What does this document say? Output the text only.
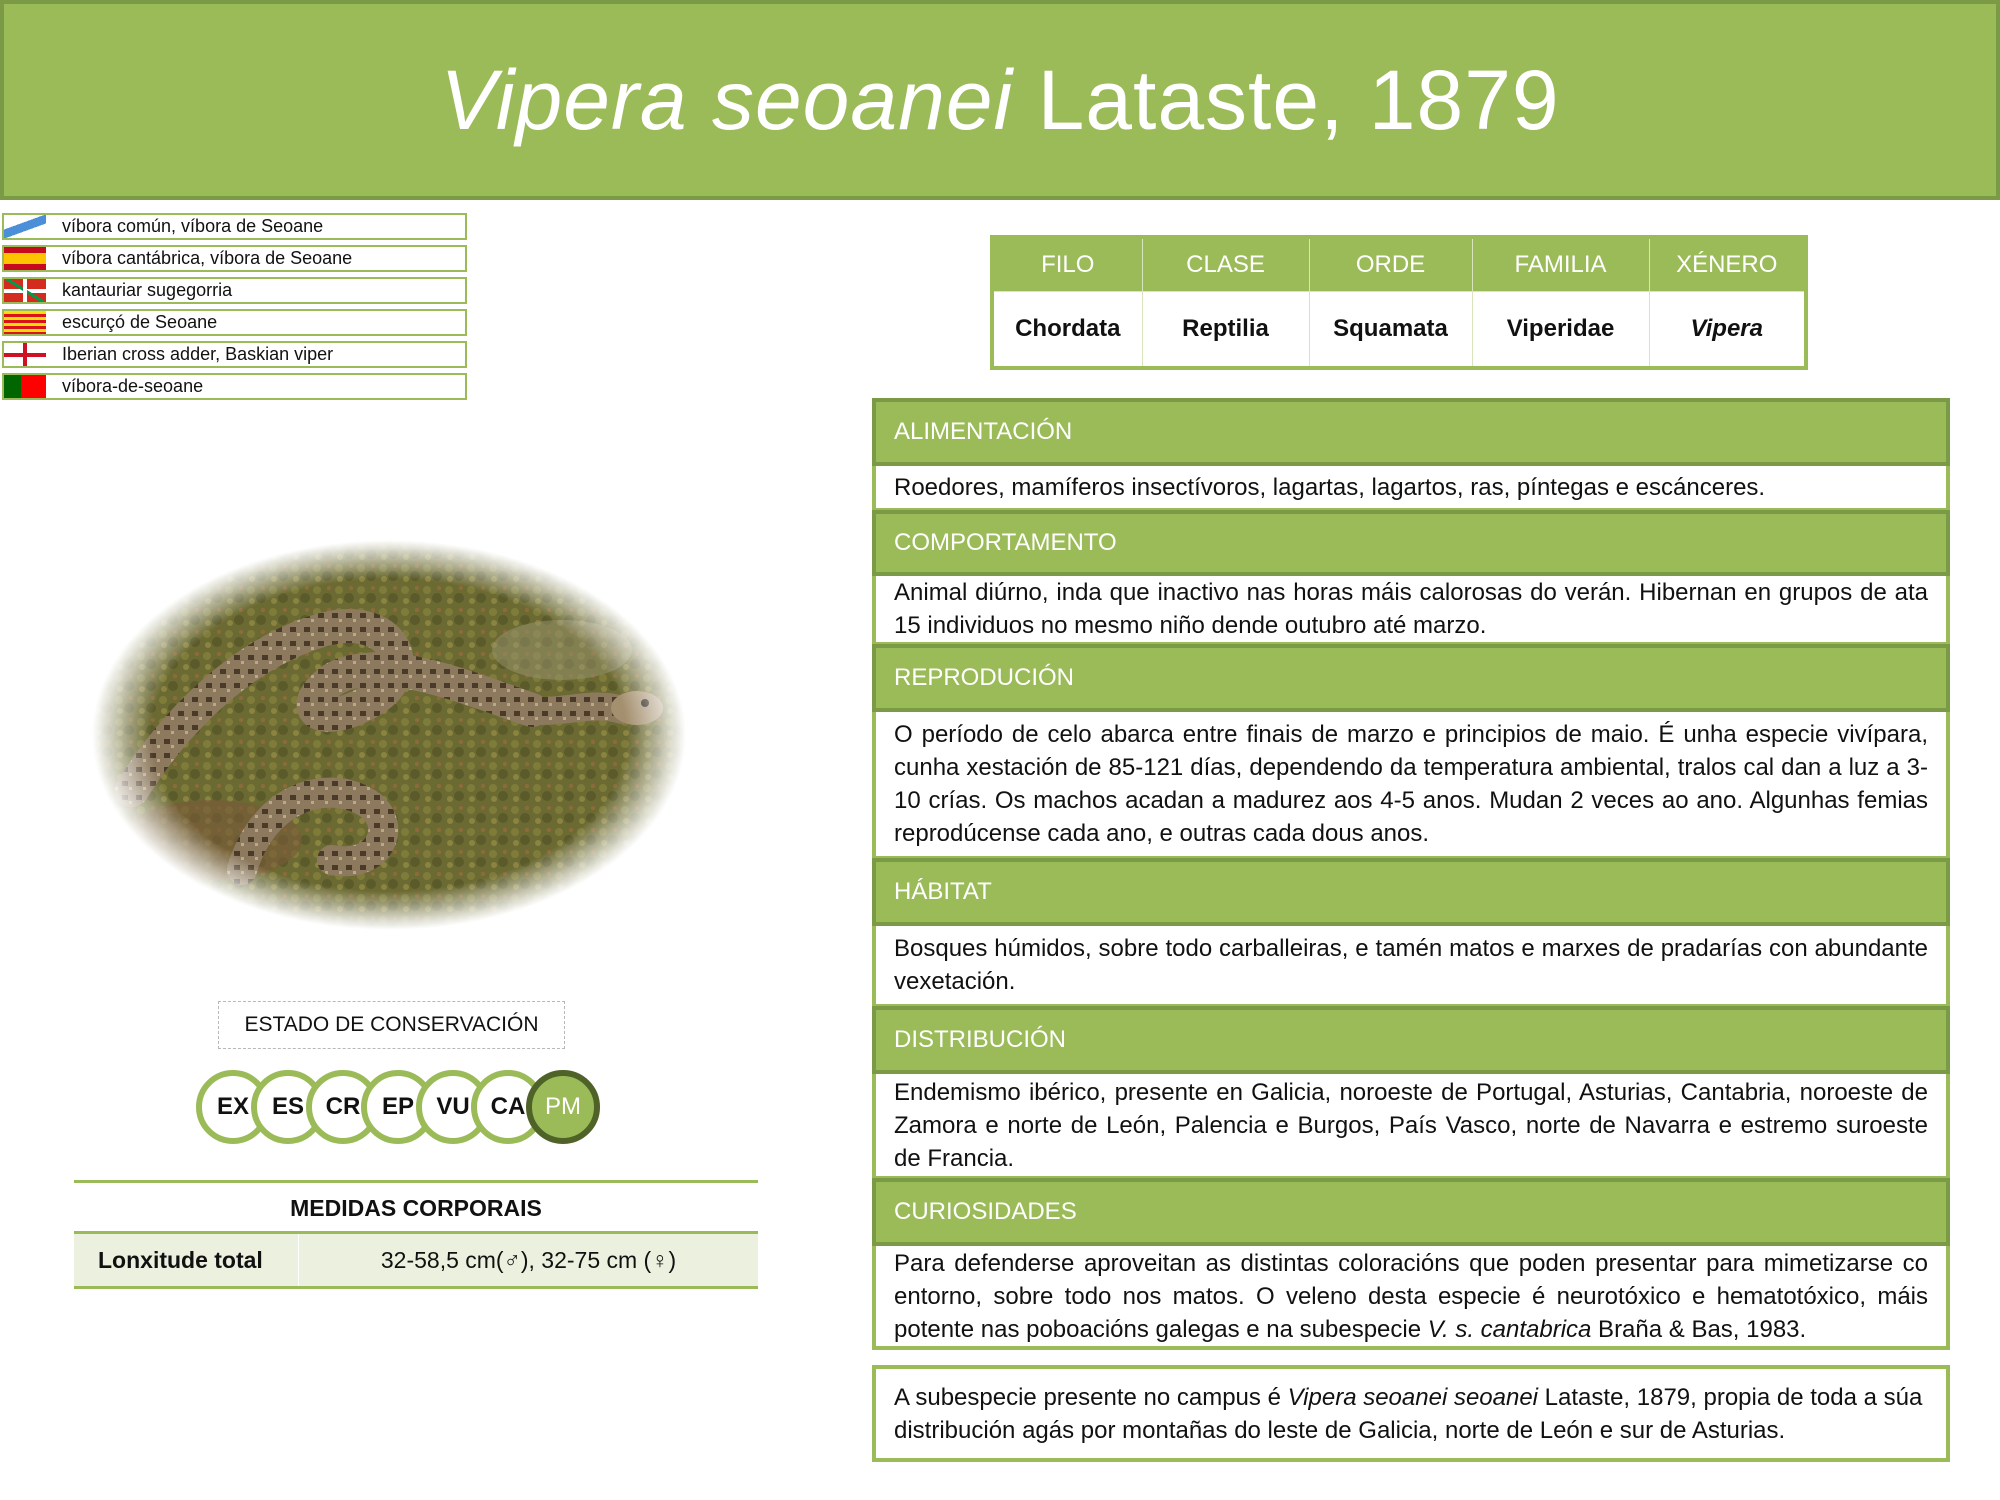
Vipera seoanei Lataste, 1879
víbora común, víbora de Seoane
víbora cantábrica, víbora de Seoane
kantauriar sugegorria
escurçó de Seoane
Iberian cross adder, Baskian viper
víbora-de-seoane
ESTADO DE CONSERVACIÓN
EX ES CR EP VU CA PM
MEDIDAS CORPORAIS
Lonxitude total	32-58,5 cm(♂), 32-75 cm (♀)
FILO	CLASE	ORDE	FAMILIA	XÉNERO
Chordata	Reptilia	Squamata	Viperidae	Vipera
ALIMENTACIÓN

Roedores, mamíferos insectívoros, lagartas, lagartos, ras, píntegas e escánceres.

COMPORTAMENTO

Animal diúrno, inda que inactivo nas horas máis calorosas do verán. Hibernan en grupos de ata 15 individuos no mesmo niño dende outubro até marzo.

REPRODUCIÓN

O período de celo abarca entre finais de marzo e principios de maio. É unha especie vivípara, cunha xestación de 85-121 días, dependendo da temperatura ambiental, tralos cal dan a luz a 3-10 crías. Os machos acadan a madurez aos 4-5 anos. Mudan 2 veces ao ano. Algunhas femias reprodúcense cada ano, e outras cada dous anos.

HÁBITAT

Bosques húmidos, sobre todo carballeiras, e tamén matos e marxes de pradarías con abundante vexetación.

DISTRIBUCIÓN

Endemismo ibérico, presente en Galicia, noroeste de Portugal, Asturias, Cantabria, noroeste de Zamora e norte de León, Palencia e Burgos, País Vasco, norte de Navarra e estremo suroeste de Francia.

CURIOSIDADES

Para defenderse aproveitan as distintas coloracións que poden presentar para mimetizarse co entorno, sobre todo nos matos. O veleno desta especie é neurotóxico e hematotóxico, máis potente nas poboacións galegas e na subespecie V. s. cantabrica Braña & Bas, 1983.

A subespecie presente no campus é Vipera seoanei seoanei Lataste, 1879, propia de toda a súa distribución agás por montañas do leste de Galicia, norte de León e sur de Asturias.
